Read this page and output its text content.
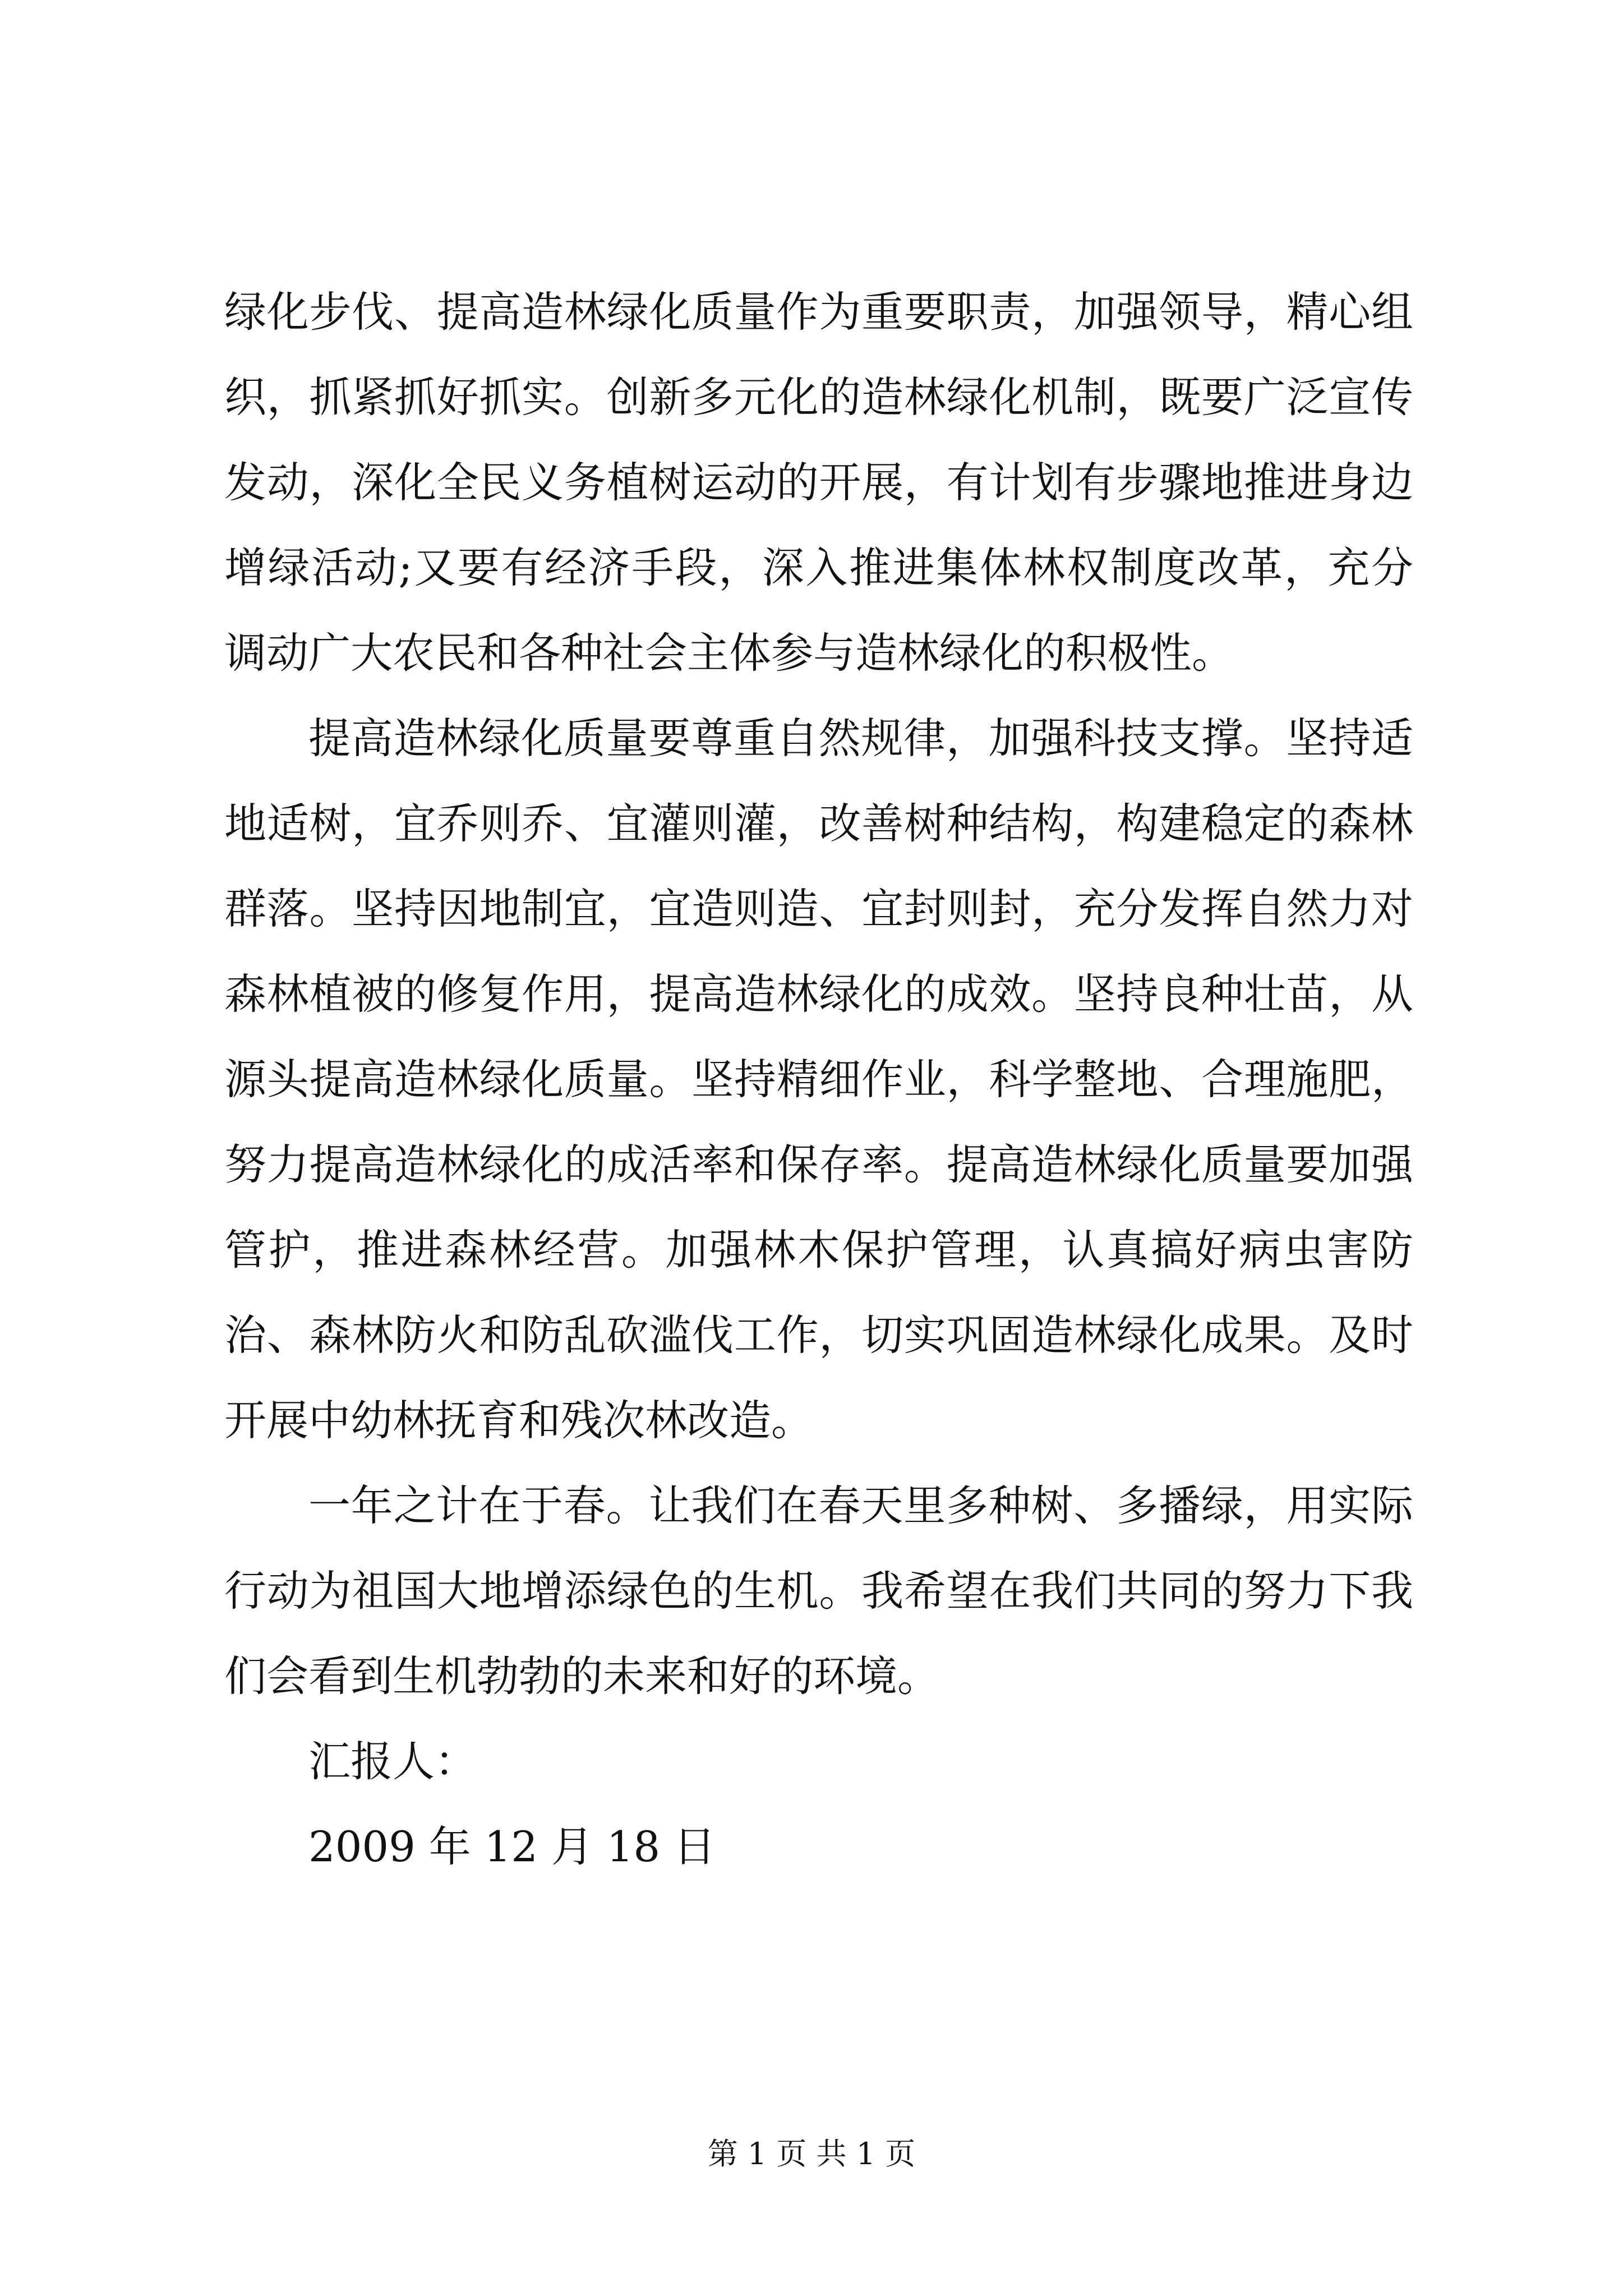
绿化步伐、提高造林绿化质量作为重要职责，加强领导，精心组织，抓紧抓好抓实。创新多元化的造林绿化机制，既要广泛宣传发动，深化全民义务植树运动的开展，有计划有步骤地推进身边增绿活动;又要有经济手段，深入推进集体林权制度改革，充分调动广大农民和各种社会主体参与造林绿化的积极性。

提高造林绿化质量要尊重自然规律，加强科技支撑。坚持适地适树，宜乔则乔、宜灌则灌，改善树种结构，构建稳定的森林群落。坚持因地制宜，宜造则造、宜封则封，充分发挥自然力对森林植被的修复作用，提高造林绿化的成效。坚持良种壮苗，从源头提高造林绿化质量。坚持精细作业，科学整地、合理施肥，努力提高造林绿化的成活率和保存率。提高造林绿化质量要加强管护，推进森林经营。加强林木保护管理，认真搞好病虫害防治、森林防火和防乱砍滥伐工作，切实巩固造林绿化成果。及时开展中幼林抚育和残次林改造。

一年之计在于春。让我们在春天里多种树、多播绿，用实际行动为祖国大地增添绿色的生机。我希望在我们共同的努力下我们会看到生机勃勃的未来和好的环境。

汇报人：

2009 年 12 月 18 日

第 1 页 共 1 页
